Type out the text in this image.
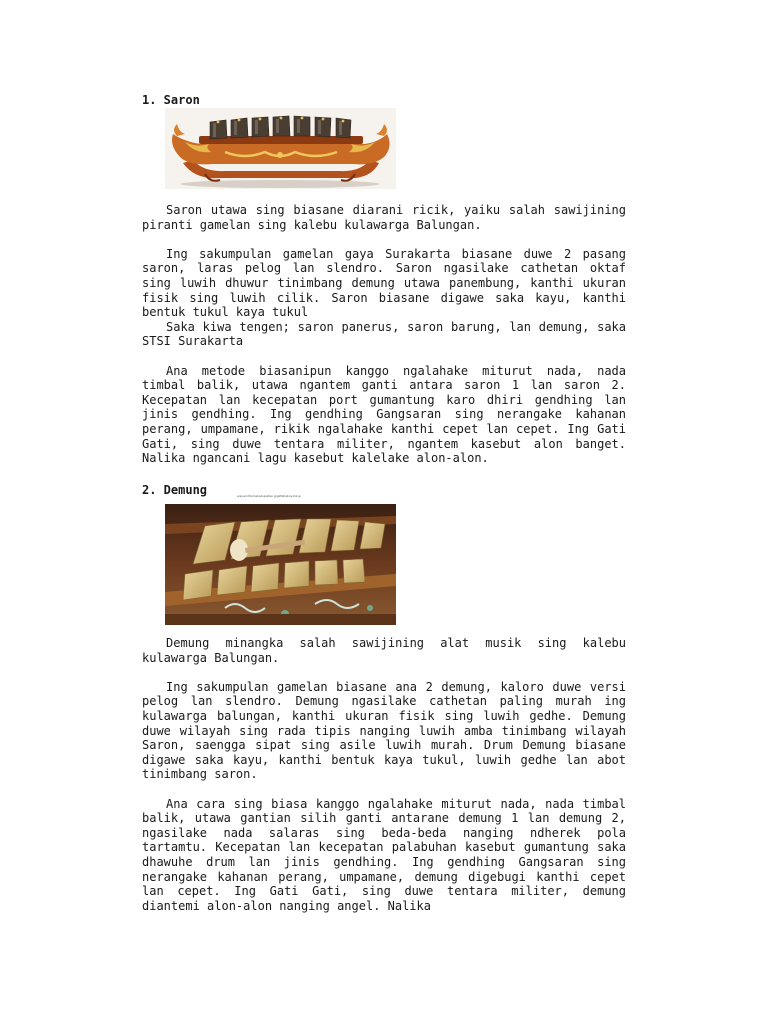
1. Saron

Saron utawa sing biasane diarani ricik, yaiku salah sawijining piranti gamelan sing kalebu kulawarga Balungan.

Ing sakumpulan gamelan gaya Surakarta biasane duwe 2 pasang saron, laras pelog lan slendro. Saron ngasilake cathetan oktaf sing luwih dhuwur tinimbang demung utawa panembung, kanthi ukuran fisik sing luwih cilik. Saron biasane digawe saka kayu, kanthi bentuk tukul kaya tukul

Saka kiwa tengen; saron panerus, saron barung, lan demung, saka STSI Surakarta

Ana metode biasanipun kanggo ngalahake miturut nada, nada timbal balik, utawa ngantem ganti antara saron 1 lan saron 2. Kecepatan lan kecepatan port gumantung karo dhiri gendhing lan jinis gendhing. Ing gendhing Gangsaran sing nerangake kahanan perang, umpamane, rikik ngalahake kanthi cepet lan cepet. Ing Gati Gati, sing duwe tentara militer, ngantem kasebut alon banget. Nalika ngancani lagu kasebut kalelake alon-alon.

2. Demung	wayandhomakabupaten.jpgWallaboy.biz.jp

Demung minangka salah sawijining alat musik sing kalebu kulawarga Balungan.

Ing sakumpulan gamelan biasane ana 2 demung, kaloro duwe versi pelog lan slendro. Demung ngasilake cathetan paling murah ing kulawarga balungan, kanthi ukuran fisik sing luwih gedhe. Demung duwe wilayah sing rada tipis nanging luwih amba tinimbang wilayah Saron, saengga sipat sing asile luwih murah. Drum Demung biasane digawe saka kayu, kanthi bentuk kaya tukul, luwih gedhe lan abot tinimbang saron.

Ana cara sing biasa kanggo ngalahake miturut nada, nada timbal balik, utawa gantian silih ganti antarane demung 1 lan demung 2, ngasilake nada salaras sing beda-beda nanging ndherek pola tartamtu. Kecepatan lan kecepatan palabuhan kasebut gumantung saka dhawuhe drum lan jinis gendhing. Ing gendhing Gangsaran sing nerangake kahanan perang, umpamane, demung digebugi kanthi cepet lan cepet. Ing Gati Gati, sing duwe tentara militer, demung diantemi alon-alon nanging angel. Nalika
